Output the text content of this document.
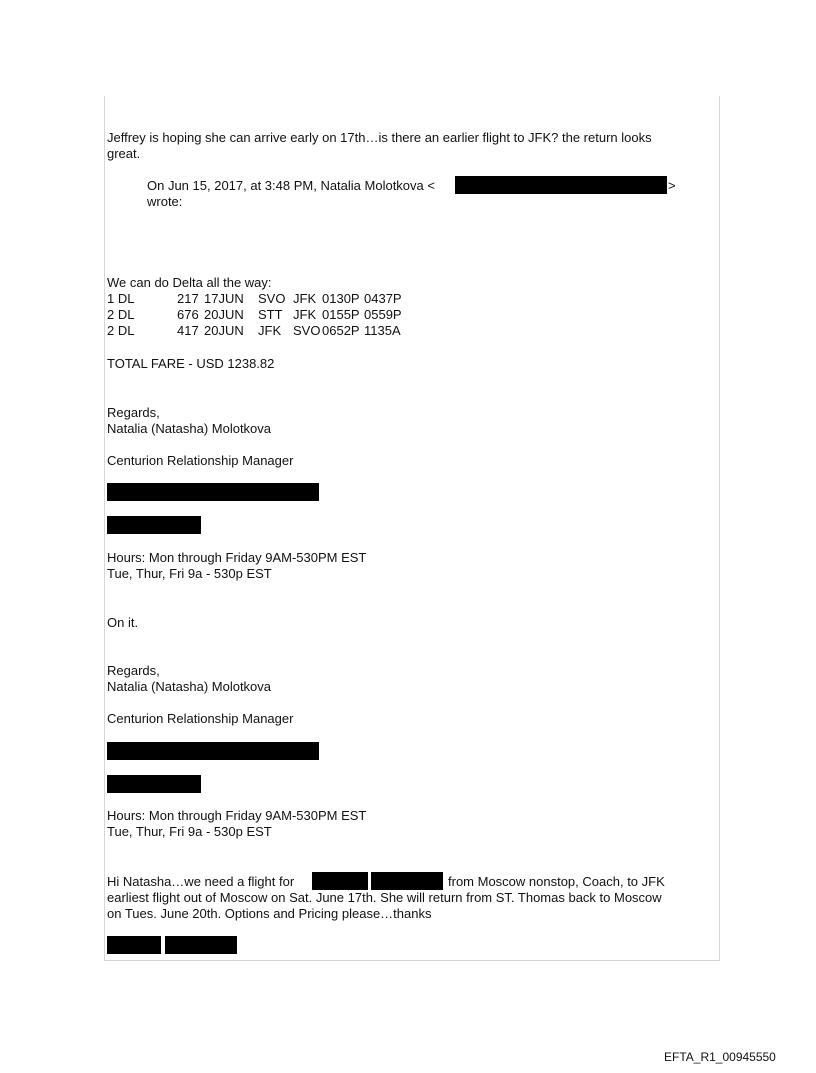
Jeffrey is hoping she can arrive early on 17th…is there an earlier flight to JFK? the return looks
great.
On Jun 15, 2017, at 3:48 PM, Natalia Molotkova <	>
wrote:
We can do Delta all the way:
1 DL	217 17JUN SVO JFK 0130P 0437P
2 DL	676 20JUN STT JFK 0155P 0559P
2 DL	417 20JUN JFK SVO 0652P 1135A
TOTAL FARE - USD 1238.82
Regards,
Natalia (Natasha) Molotkova
Centurion Relationship Manager
Hours: Mon through Friday 9AM-530PM EST
Tue, Thur, Fri 9a - 530p EST
On it.
Regards,
Natalia (Natasha) Molotkova
Centurion Relationship Manager
Hours: Mon through Friday 9AM-530PM EST
Tue, Thur, Fri 9a - 530p EST
Hi Natasha…we need a flight for	from Moscow nonstop, Coach, to JFK
earliest flight out of Moscow on Sat. June 17th. She will return from ST. Thomas back to Moscow
on Tues. June 20th. Options and Pricing please…thanks
EFTA_R1_00945550
